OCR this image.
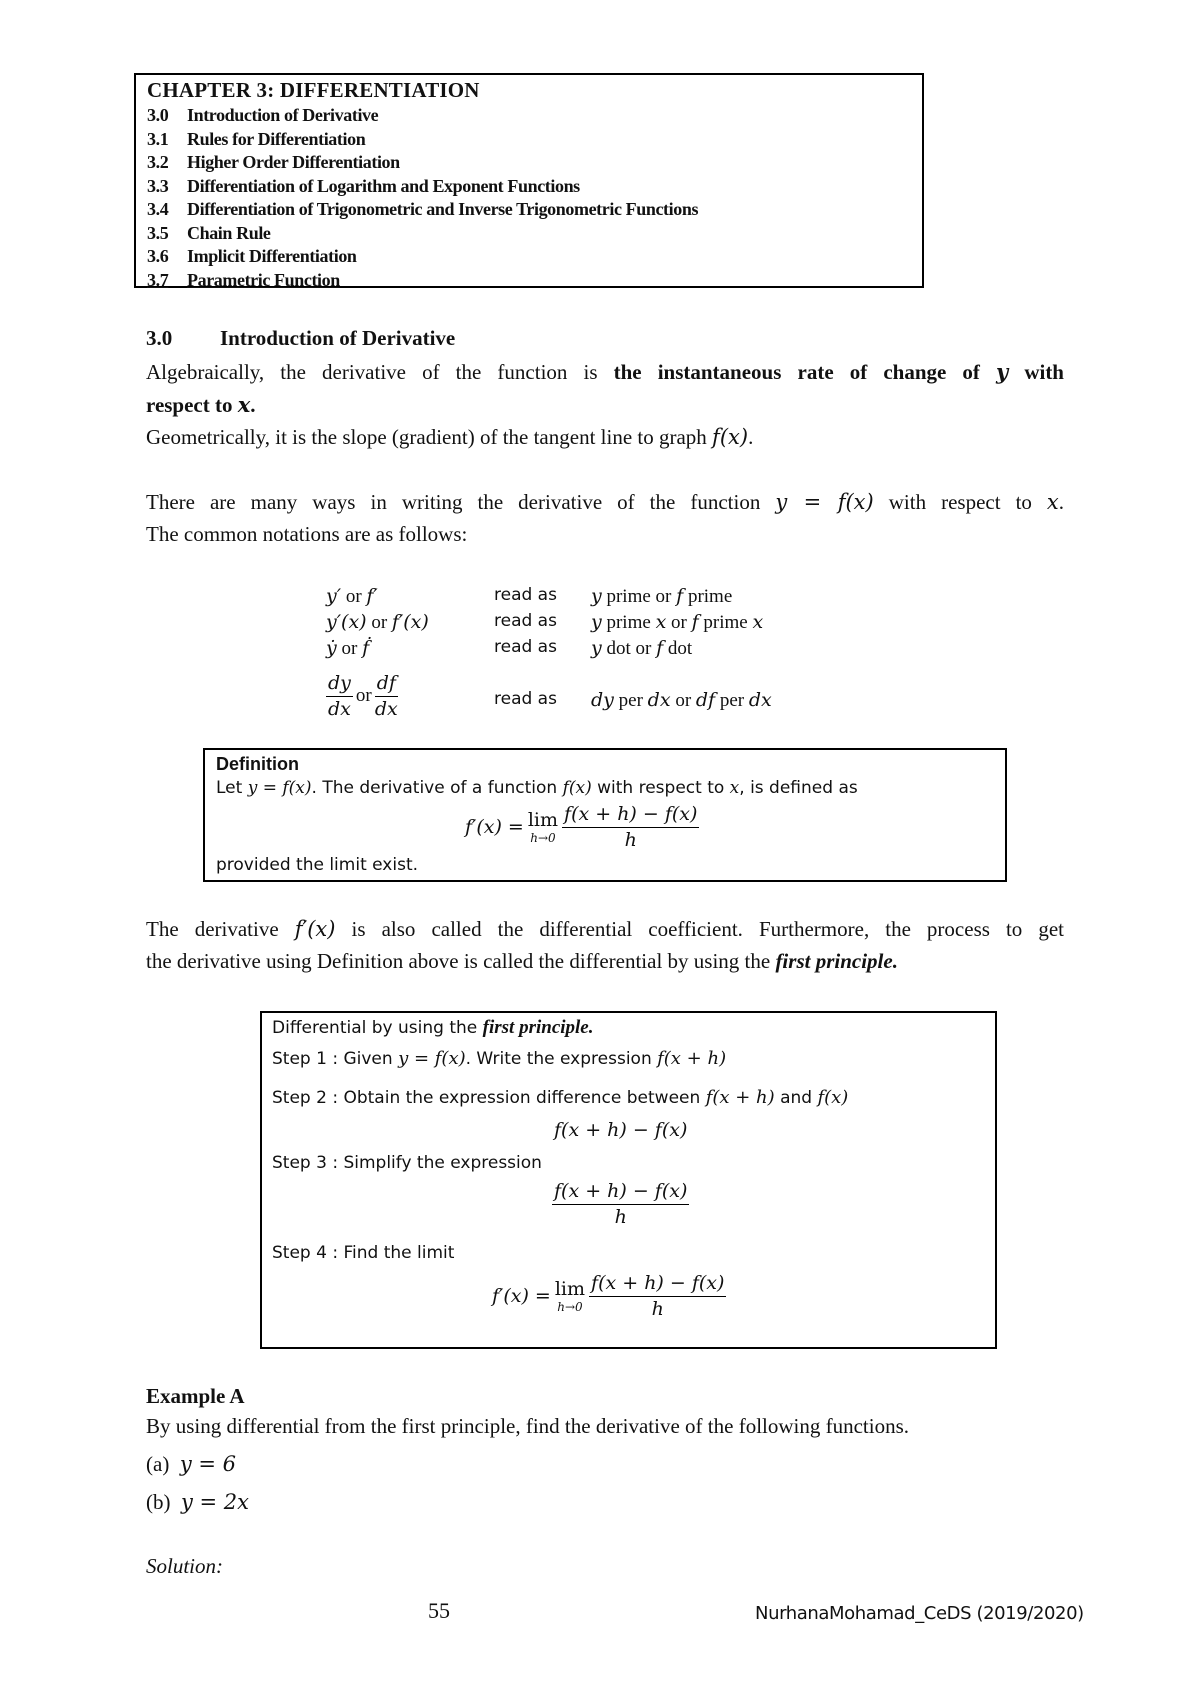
CHAPTER 3: DIFFERENTIATION
3.0	Introduction of Derivative
3.1	Rules for Differentiation
3.2	Higher Order Differentiation
3.3	Differentiation of Logarithm and Exponent Functions
3.4	Differentiation of Trigonometric and Inverse Trigonometric Functions
3.5	Chain Rule
3.6	Implicit Differentiation
3.7	Parametric Function
3.0 Introduction of Derivative
Algebraically, the derivative of the function is the instantaneous rate of change of y with
respect to x.
Geometrically, it is the slope (gradient) of the tangent line to graph f(x).
There are many ways in writing the derivative of the function y = f(x) with respect to x.
The common notations are as follows:
y′ or f′	read as y prime or f prime
y′(x) or f′(x)	read as y prime x or f prime x
ẏ or ḟ	read as y dot or f dot
$\frac{dy}{dx}$ or $\frac{df}{dx}$	read as dy per dx or df per dx
Definition
Let y = f(x). The derivative of a function f(x) with respect to x, is defined as
f′(x) = lim
$h\to 0 \frac{f(x + h) - f(x)}{h}$
provided the limit exist.
The derivative f′(x) is also called the differential coefficient. Furthermore, the process to get
the derivative using Definition above is called the differential by using the first principle.
Differential by using the first principle.
Step 1 : Given y = f(x). Write the expression f(x + h)
Step 2 : Obtain the expression difference between f(x + h) and f(x)
f(x + h) − f(x)
Step 3 : Simplify the expression
$\frac{f(x + h) - f(x)}{h}$
Step 4 : Find the limit
f′(x) = lim
$h\to 0 \frac{f(x + h) - f(x)}{h}$
Example A
By using differential from the first principle, find the derivative of the following functions.
(a) y = 6
(b) y = 2x
Solution:
55	NurhanaMohamad_CeDS (2019/2020)
